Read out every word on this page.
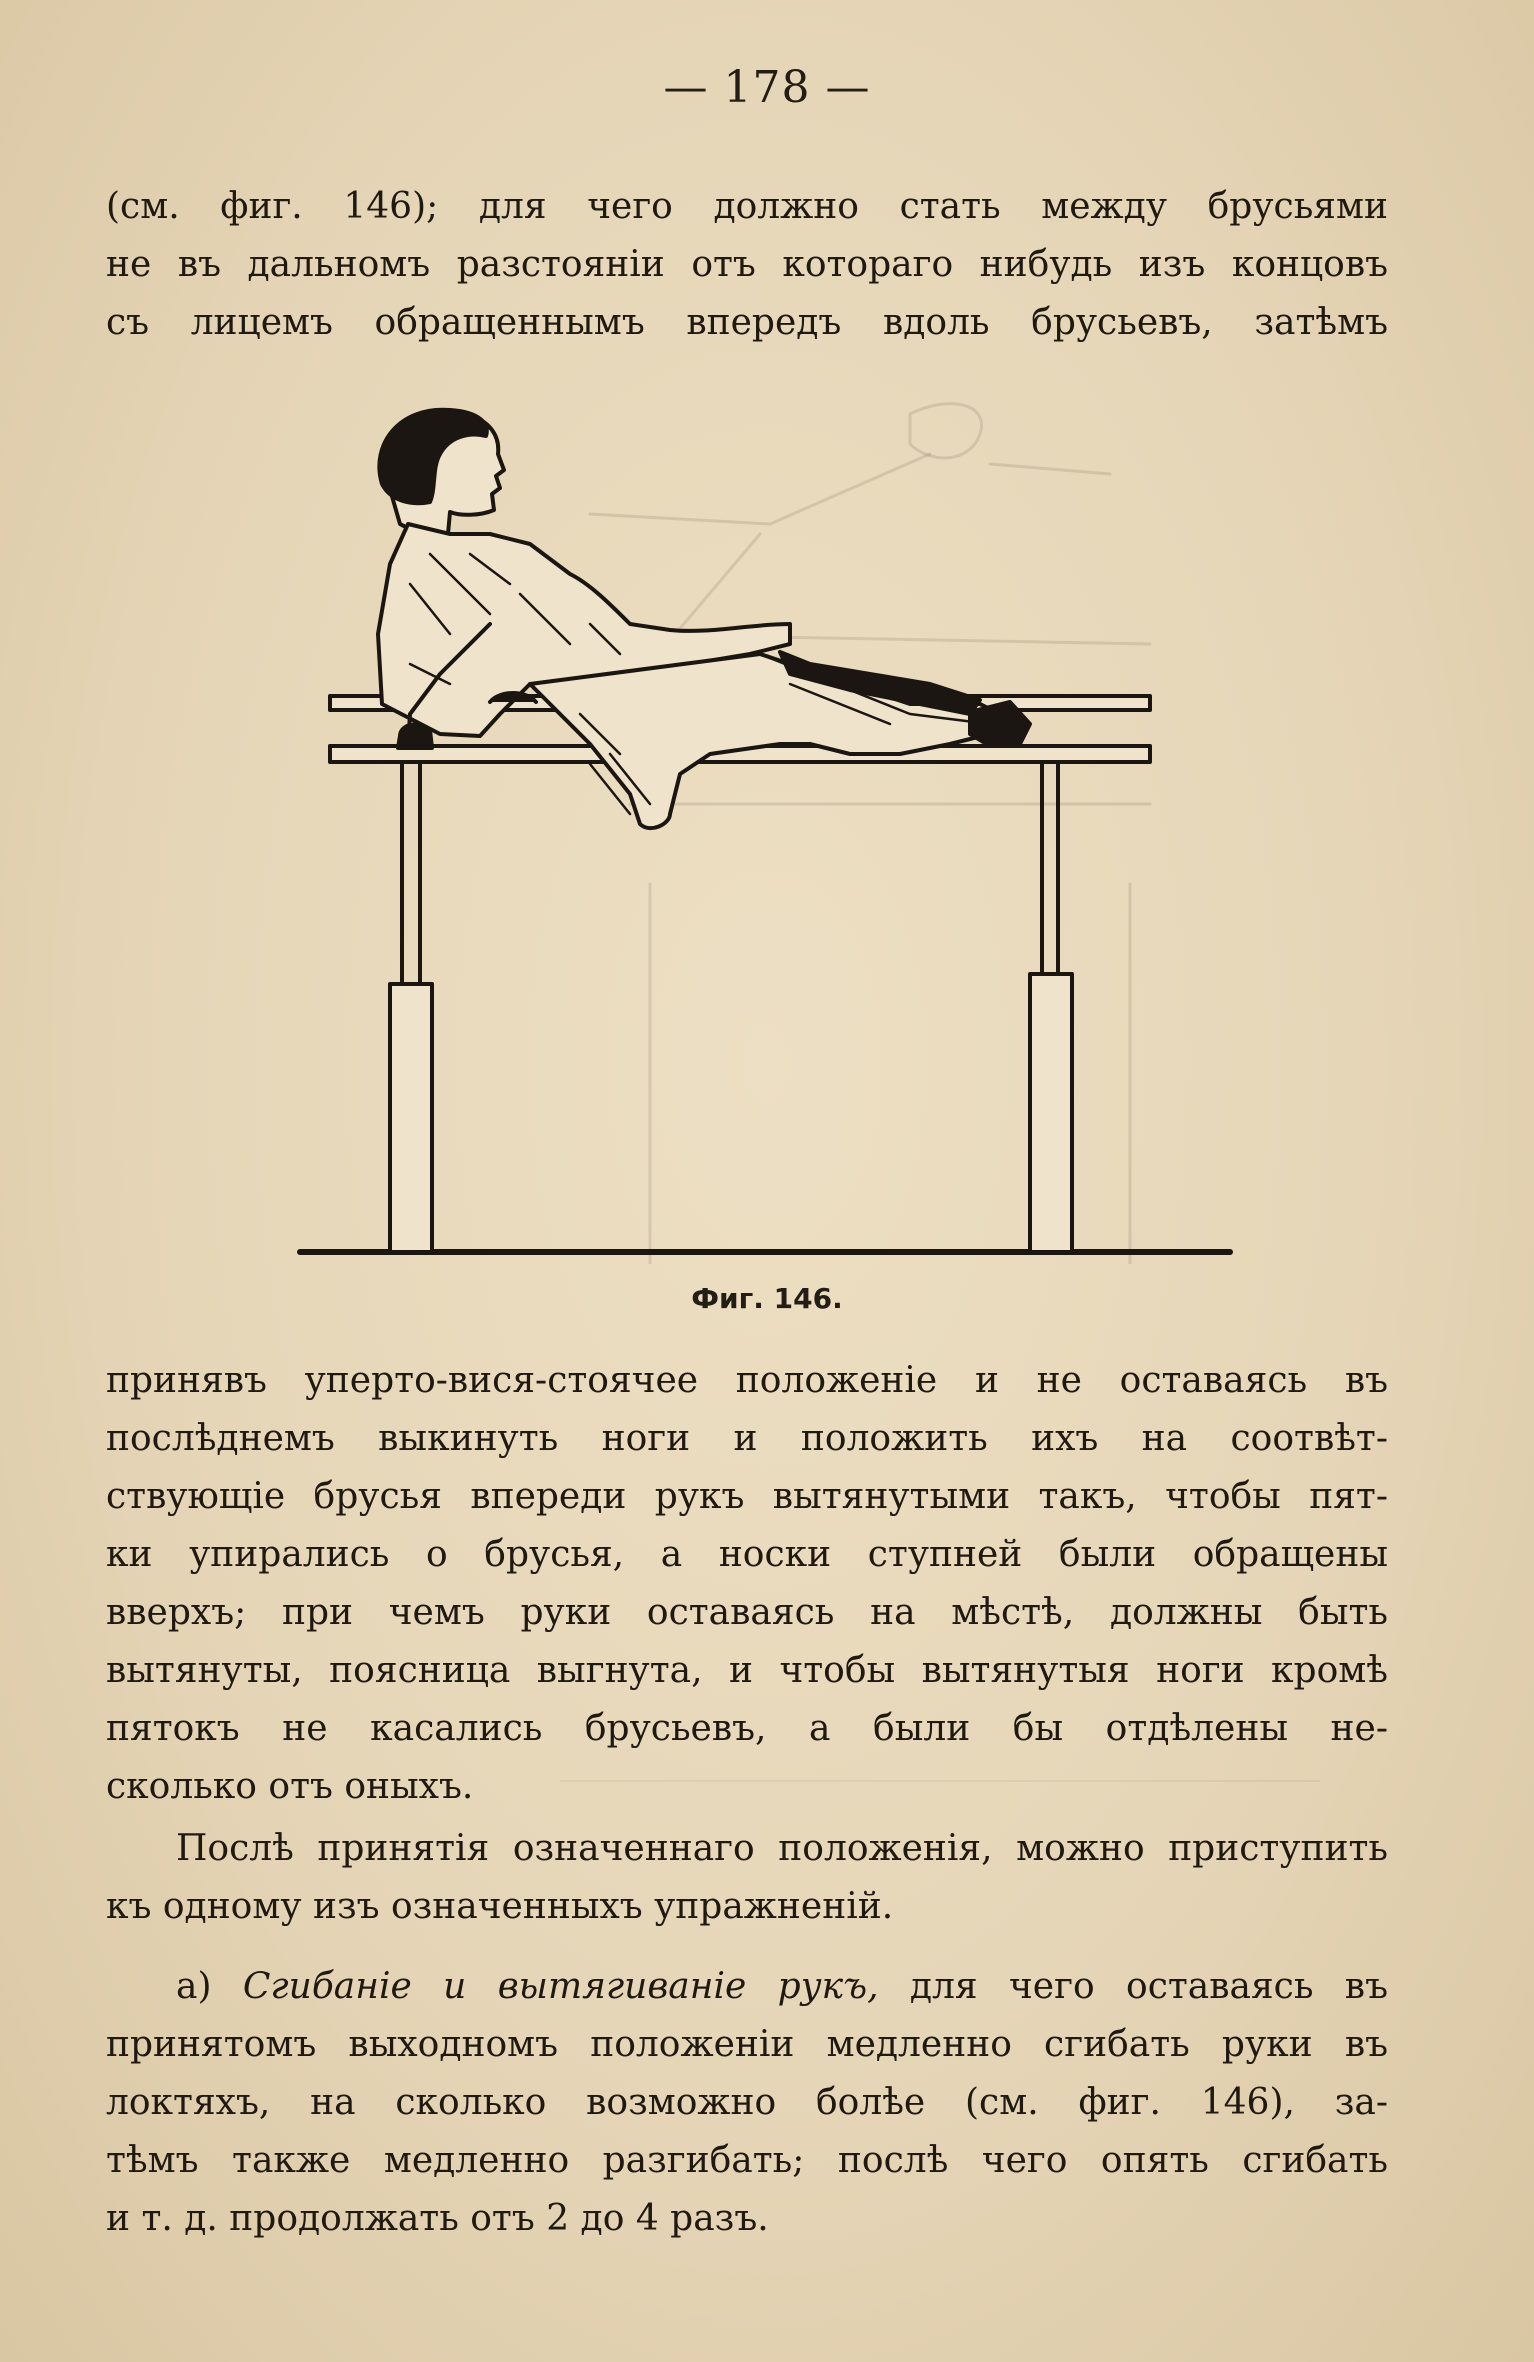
— 178 —
(см. фиг. 146); для чего должно стать между брусьями
не въ дальномъ разстоянiи отъ котораго нибудь изъ концовъ
съ лицемъ обращеннымъ впередъ вдоль брусьевъ, затѣмъ
Фиг. 146.
принявъ уперто-вися-стоячее положенiе и не оставаясь въ
послѣднемъ выкинуть ноги и положить ихъ на соотвѣт-
ствующiе брусья впереди рукъ вытянутыми такъ, чтобы пят-
ки упирались о брусья, а носки ступней были обращены
вверхъ; при чемъ руки оставаясь на мѣстѣ, должны быть
вытянуты, поясница выгнута, и чтобы вытянутыя ноги кромѣ
пятокъ не касались брусьевъ, а были бы отдѣлены не-
сколько отъ оныхъ.
Послѣ принятiя означеннаго положенiя, можно приступить
къ одному изъ означенныхъ упражненiй.
а) Сгибанiе и вытягиванiе рукъ, для чего оставаясь въ
принятомъ выходномъ положенiи медленно сгибать руки въ
локтяхъ, на сколько возможно болѣе (см. фиг. 146), за-
тѣмъ также медленно разгибать; послѣ чего опять сгибать
и т. д. продолжать отъ 2 до 4 разъ.
